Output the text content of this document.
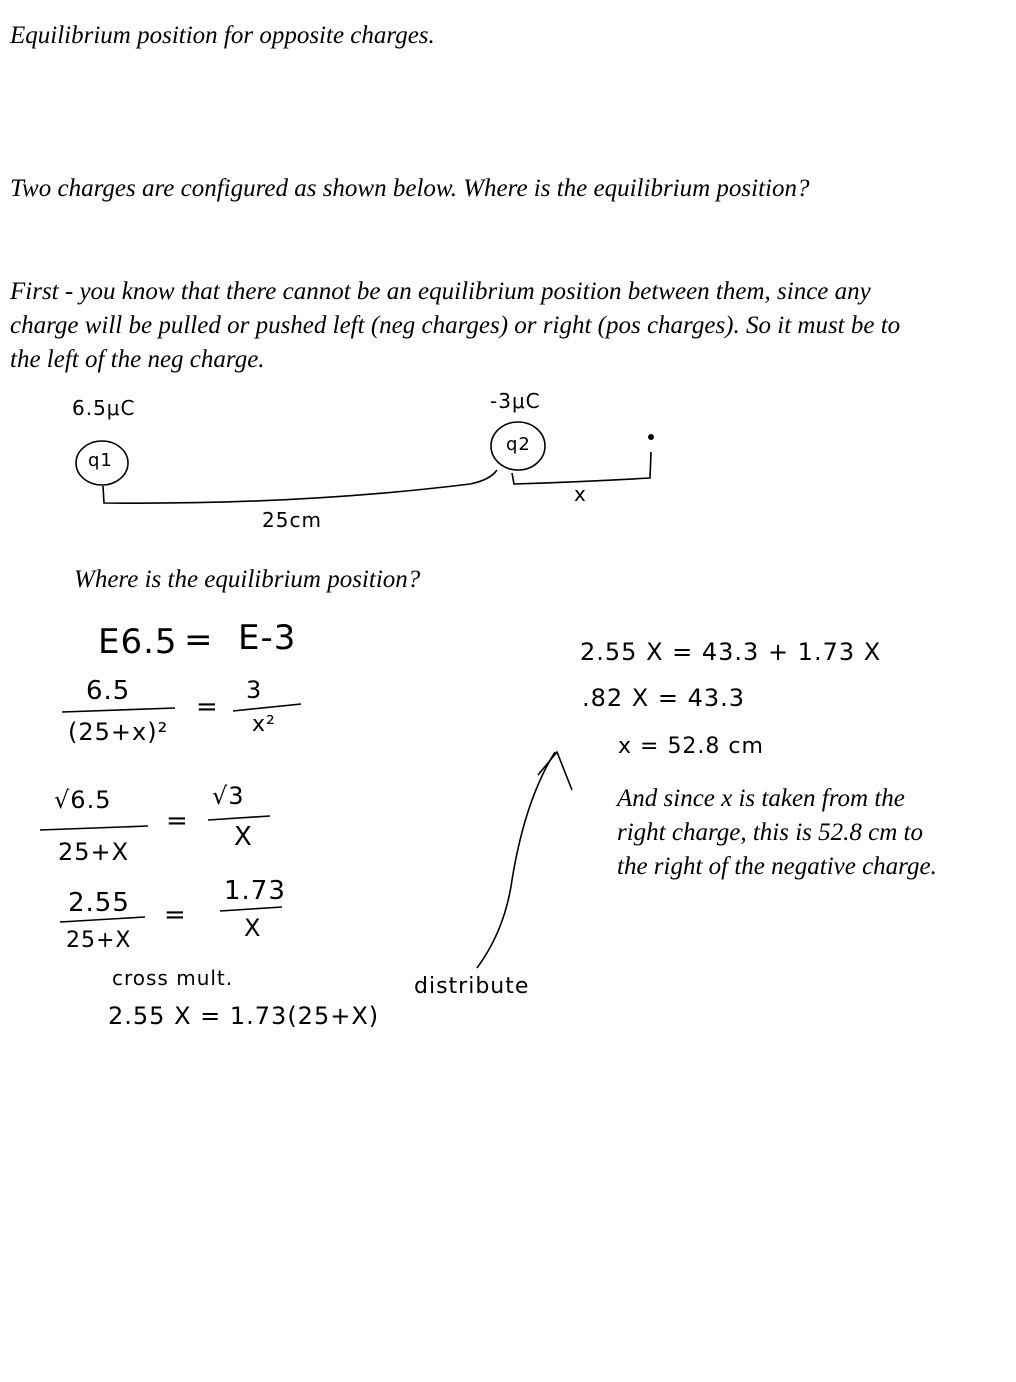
Equilibrium position for opposite charges.

Two charges are configured as shown below. Where is the equilibrium position?

First - you know that there cannot be an equilibrium position between them, since any charge will be pulled or pushed left (neg charges) or right (pos charges). So it must be to the left of the neg charge.

6.5μC
q1
-3μC
q2
25cm
x

Where is the equilibrium position?

E6.5 = E-3
6.5
(25+x)²
=
3
x²
√6.5
25+X
=
√3
X
2.55
25+X
=
1.73
X
cross mult.
2.55 X = 1.73(25+X)
distribute
2.55 X = 43.3 + 1.73 X
.82 X = 43.3
x = 52.8 cm

And since x is taken from the right charge, this is 52.8 cm to the right of the negative charge.
